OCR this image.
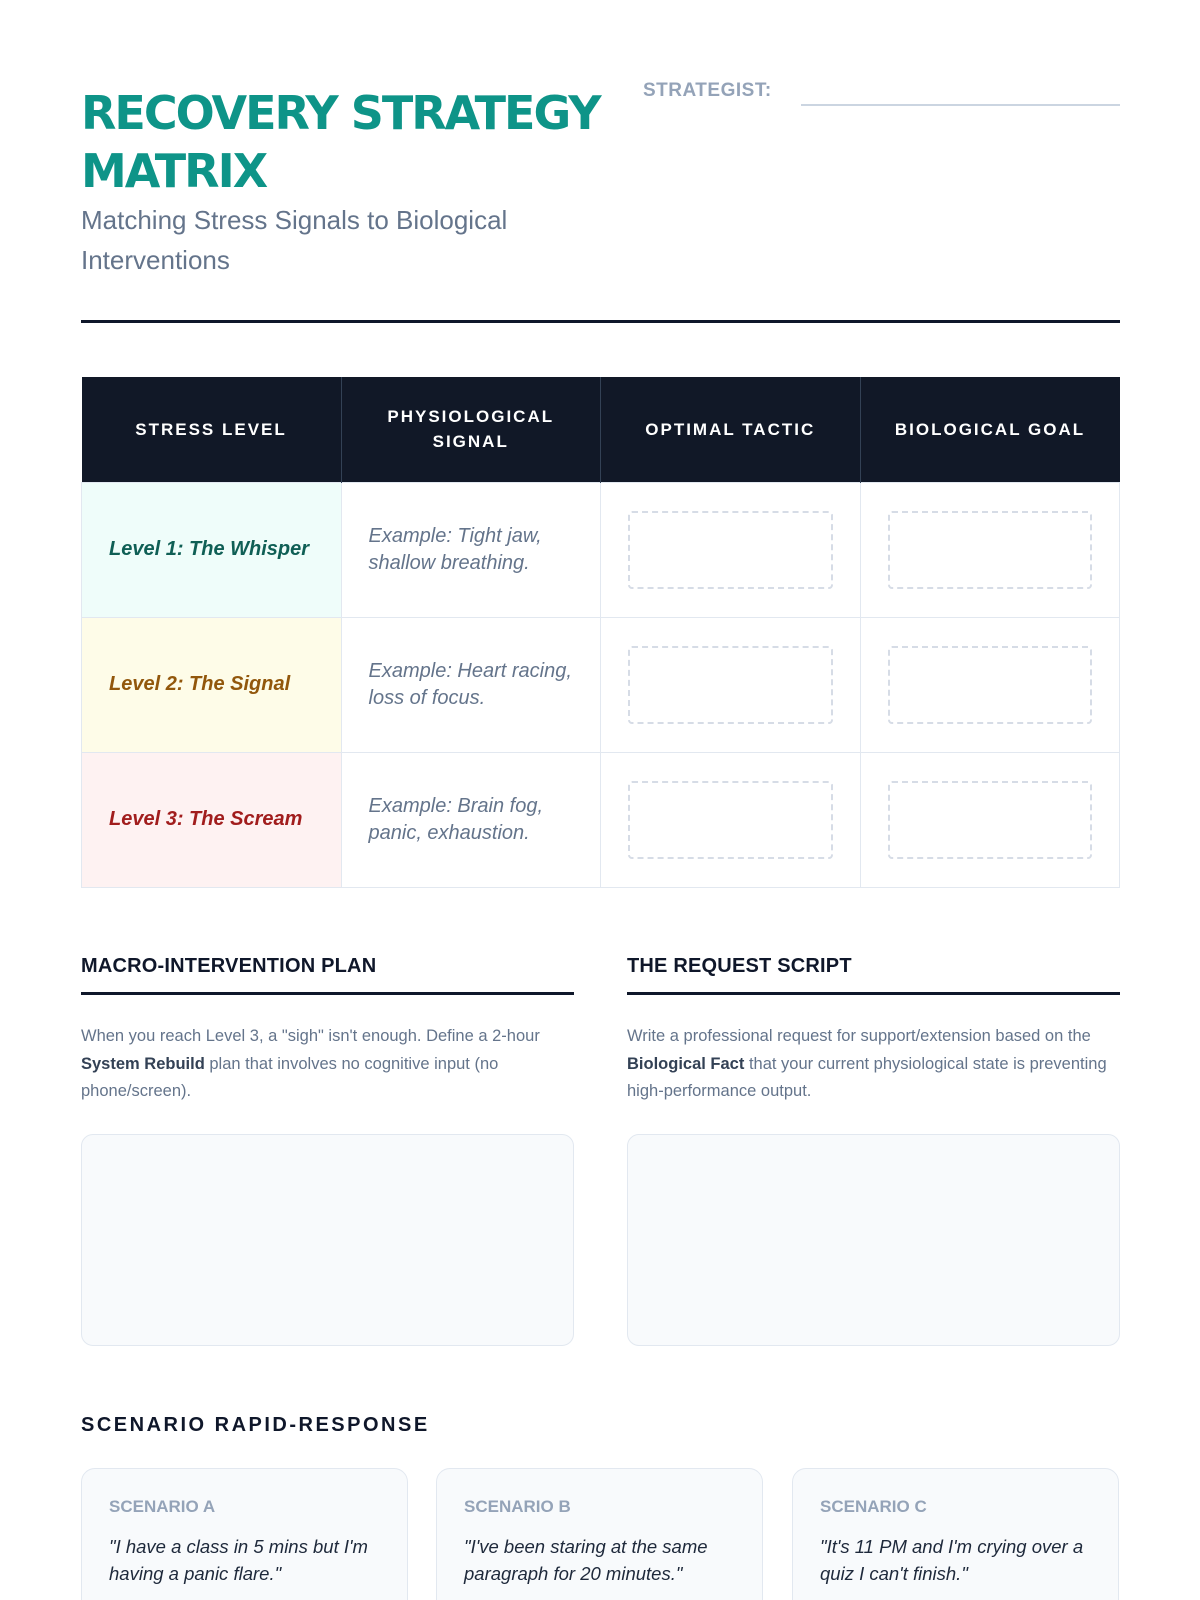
RECOVERY STRATEGY MATRIX
Matching Stress Signals to Biological Interventions
STRATEGIST:
STRESS LEVEL	PHYSIOLOGICAL SIGNAL	OPTIMAL TACTIC	BIOLOGICAL GOAL
Level 1: The Whisper	Example: Tight jaw, shallow breathing.	

Level 2: The Signal	Example: Heart racing, loss of focus.	

Level 3: The Scream	Example: Brain fog, panic, exhaustion.	

MACRO-INTERVENTION PLAN

When you reach Level 3, a "sigh" isn't enough. Define a 2-hour System Rebuild plan that involves no cognitive input (no phone/screen).

THE REQUEST SCRIPT

Write a professional request for support/extension based on the Biological Fact that your current physiological state is preventing high-performance output.

SCENARIO RAPID-RESPONSE
SCENARIO A
"I have a class in 5 mins but I'm having a panic flare."
SCENARIO B
"I've been staring at the same paragraph for 20 minutes."
SCENARIO C
"It's 11 PM and I'm crying over a quiz I can't finish."
